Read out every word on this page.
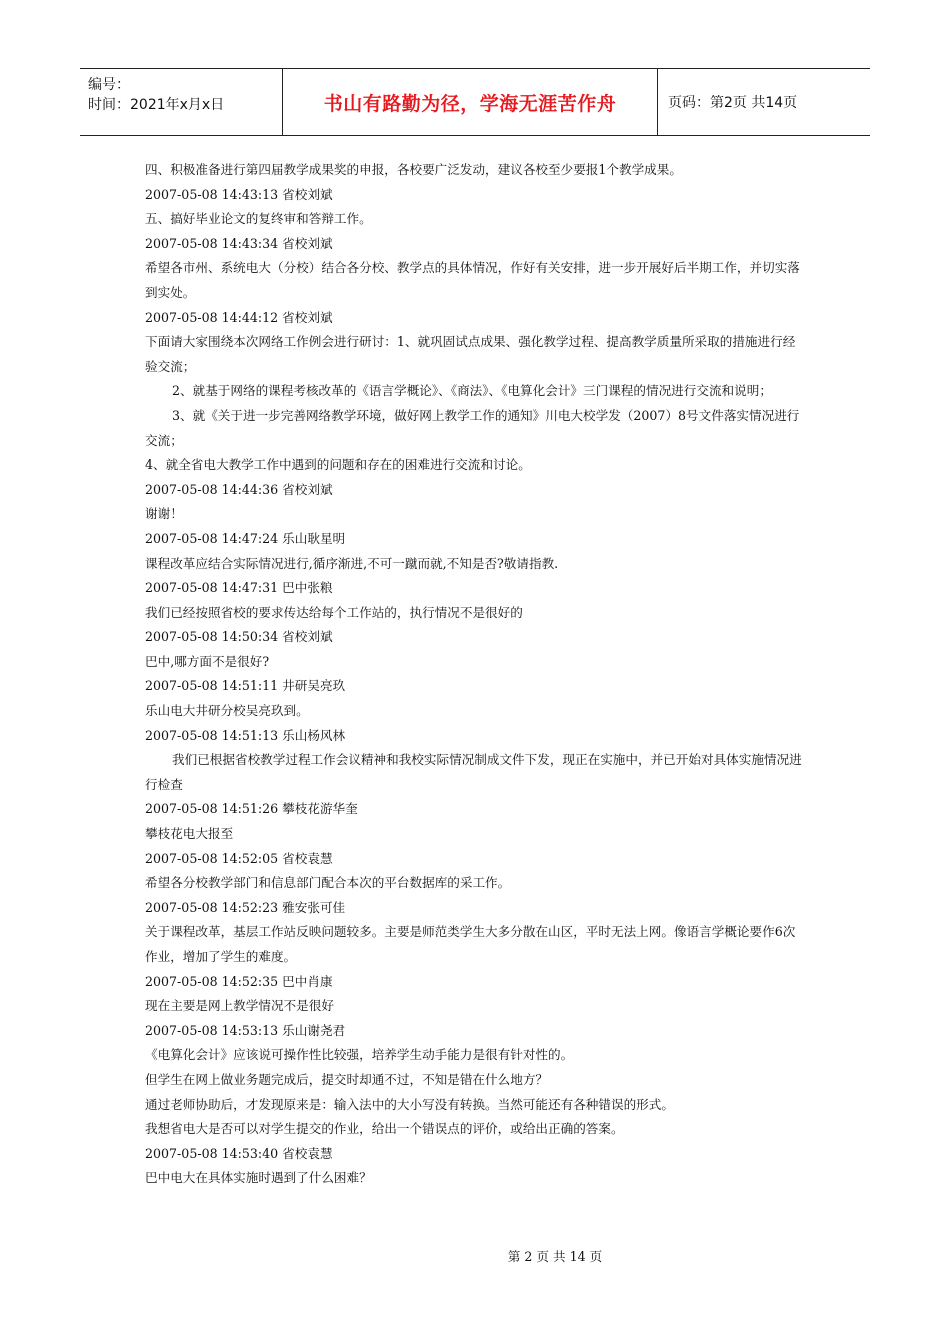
编号：
时间：2021年x月x日	书山有路勤为径，学海无涯苦作舟	页码：第2页 共14页

四、积极准备进行第四届教学成果奖的申报，各校要广泛发动，建议各校至少要报1个教学成果。

2007-05-08 14:43:13 省校刘斌

五、搞好毕业论文的复终审和答辩工作。

2007-05-08 14:43:34 省校刘斌

希望各市州、系统电大（分校）结合各分校、教学点的具体情况，作好有关安排，进一步开展好后半期工作，并切实落到实处。

2007-05-08 14:44:12 省校刘斌

下面请大家围绕本次网络工作例会进行研讨：1、就巩固试点成果、强化教学过程、提高教学质量所采取的措施进行经验交流；

2、就基于网络的课程考核改革的《语言学概论》、《商法》、《电算化会计》三门课程的情况进行交流和说明；

3、就《关于进一步完善网络教学环境，做好网上教学工作的通知》川电大校学发（2007）8号文件落实情况进行交流；

4、就全省电大教学工作中遇到的问题和存在的困难进行交流和讨论。

2007-05-08 14:44:36 省校刘斌

谢谢！

2007-05-08 14:47:24 乐山耿星明

课程改革应结合实际情况进行,循序渐进,不可一蹴而就,不知是否?敬请指教.

2007-05-08 14:47:31 巴中张粮

我们已经按照省校的要求传达给每个工作站的，执行情况不是很好的

2007-05-08 14:50:34 省校刘斌

巴中,哪方面不是很好?

2007-05-08 14:51:11 井研吴亮玖

乐山电大井研分校吴亮玖到。

2007-05-08 14:51:13 乐山杨风林

我们已根据省校教学过程工作会议精神和我校实际情况制成文件下发，现正在实施中，并已开始对具体实施情况进行检查

2007-05-08 14:51:26 攀枝花游华奎

攀枝花电大报至

2007-05-08 14:52:05 省校袁慧

希望各分校教学部门和信息部门配合本次的平台数据库的采工作。

2007-05-08 14:52:23 雅安张可佳

关于课程改革，基层工作站反映问题较多。主要是师范类学生大多分散在山区，平时无法上网。像语言学概论要作6次作业，增加了学生的难度。

2007-05-08 14:52:35 巴中肖康

现在主要是网上教学情况不是很好

2007-05-08 14:53:13 乐山谢尧君

《电算化会计》应该说可操作性比较强，培养学生动手能力是很有针对性的。

但学生在网上做业务题完成后，提交时却通不过，不知是错在什么地方？

通过老师协助后，才发现原来是：输入法中的大小写没有转换。当然可能还有各种错误的形式。

我想省电大是否可以对学生提交的作业，给出一个错误点的评价，或给出正确的答案。

2007-05-08 14:53:40 省校袁慧

巴中电大在具体实施时遇到了什么困难？

第 2 页 共 14 页
